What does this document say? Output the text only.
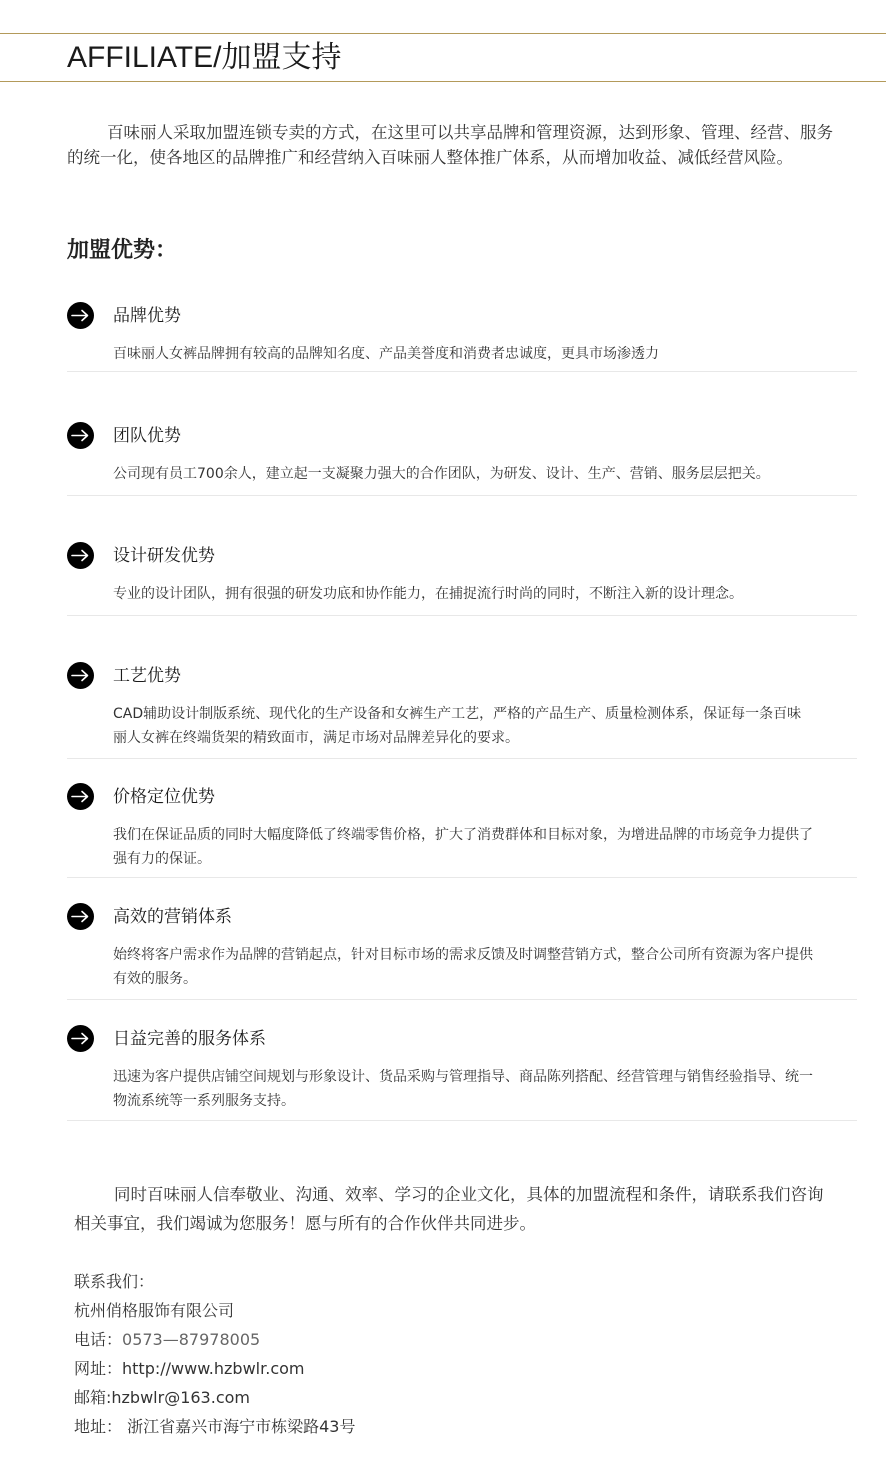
AFFILIATE/加盟支持

百味丽人采取加盟连锁专卖的方式，在这里可以共享品牌和管理资源，达到形象、管理、经营、服务的统一化，使各地区的品牌推广和经营纳入百味丽人整体推广体系，从而增加收益、减低经营风险。

加盟优势：
品牌优势
百味丽人女裤品牌拥有较高的品牌知名度、产品美誉度和消费者忠诚度，更具市场渗透力
团队优势
公司现有员工700余人，建立起一支凝聚力强大的合作团队，为研发、设计、生产、营销、服务层层把关。
设计研发优势
专业的设计团队，拥有很强的研发功底和协作能力，在捕捉流行时尚的同时，不断注入新的设计理念。
工艺优势
CAD辅助设计制版系统、现代化的生产设备和女裤生产工艺，严格的产品生产、质量检测体系，保证每一条百味丽人女裤在终端货架的精致面市，满足市场对品牌差异化的要求。
价格定位优势
我们在保证品质的同时大幅度降低了终端零售价格，扩大了消费群体和目标对象，为增进品牌的市场竞争力提供了强有力的保证。
高效的营销体系
始终将客户需求作为品牌的营销起点，针对目标市场的需求反馈及时调整营销方式，整合公司所有资源为客户提供有效的服务。
日益完善的服务体系
迅速为客户提供店铺空间规划与形象设计、货品采购与管理指导、商品陈列搭配、经营管理与销售经验指导、统一物流系统等一系列服务支持。

同时百味丽人信奉敬业、沟通、效率、学习的企业文化，具体的加盟流程和条件，请联系我们咨询相关事宜，我们竭诚为您服务！愿与所有的合作伙伴共同进步。

联系我们：
杭州俏格服饰有限公司
电话：0573—87978005
网址：http://www.hzbwlr.com
邮箱:hzbwlr@163.com
地址： 浙江省嘉兴市海宁市栋梁路43号
